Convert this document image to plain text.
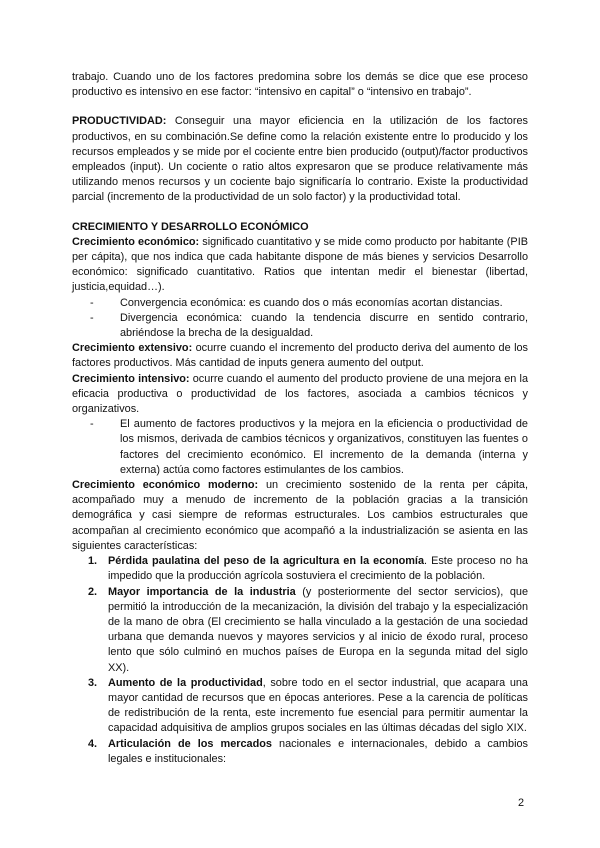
trabajo. Cuando uno de los factores predomina sobre los demás se dice que ese proceso productivo es intensivo en ese factor: “intensivo en capital” o “intensivo en trabajo”.

PRODUCTIVIDAD: Conseguir una mayor eficiencia en la utilización de los factores productivos, en su combinación.Se define como la relación existente entre lo producido y los recursos empleados y se mide por el cociente entre bien producido (output)/factor productivos empleados (input). Un cociente o ratio altos expresaron que se produce relativamente más utilizando menos recursos y un cociente bajo significaría lo contrario. Existe la productividad parcial (incremento de la productividad de un solo factor) y la productividad total.

CRECIMIENTO Y DESARROLLO ECONÓMICO

Crecimiento económico: significado cuantitativo y se mide como producto por habitante (PIB per cápita), que nos indica que cada habitante dispone de más bienes y servicios Desarrollo económico: significado cuantitativo. Ratios que intentan medir el bienestar (libertad, justicia,equidad…).

- Convergencia económica: es cuando dos o más economías acortan distancias.
- Divergencia económica: cuando la tendencia discurre en sentido contrario, abriéndose la brecha de la desigualdad.

Crecimiento extensivo: ocurre cuando el incremento del producto deriva del aumento de los factores productivos. Más cantidad de inputs genera aumento del output.

Crecimiento intensivo: ocurre cuando el aumento del producto proviene de una mejora en la eficacia productiva o productividad de los factores, asociada a cambios técnicos y organizativos.

- El aumento de factores productivos y la mejora en la eficiencia o productividad de los mismos, derivada de cambios técnicos y organizativos, constituyen las fuentes o factores del crecimiento económico. El incremento de la demanda (interna y externa) actúa como factores estimulantes de los cambios.

Crecimiento económico moderno: un crecimiento sostenido de la renta per cápita, acompañado muy a menudo de incremento de la población gracias a la transición demográfica y casi siempre de reformas estructurales. Los cambios estructurales que acompañan al crecimiento económico que acompañó a la industrialización se asienta en las siguientes características:

1. Pérdida paulatina del peso de la agricultura en la economía. Este proceso no ha impedido que la producción agrícola sostuviera el crecimiento de la población.
2. Mayor importancia de la industria (y posteriormente del sector servicios), que permitió la introducción de la mecanización, la división del trabajo y la especialización de la mano de obra (El crecimiento se halla vinculado a la gestación de una sociedad urbana que demanda nuevos y mayores servicios y al inicio de éxodo rural, proceso lento que sólo culminó en muchos países de Europa en la segunda mitad del siglo XX).
3. Aumento de la productividad, sobre todo en el sector industrial, que acapara una mayor cantidad de recursos que en épocas anteriores. Pese a la carencia de políticas de redistribución de la renta, este incremento fue esencial para permitir aumentar la capacidad adquisitiva de amplios grupos sociales en las últimas décadas del siglo XIX.
4. Articulación de los mercados nacionales e internacionales, debido a cambios legales e institucionales:
2
